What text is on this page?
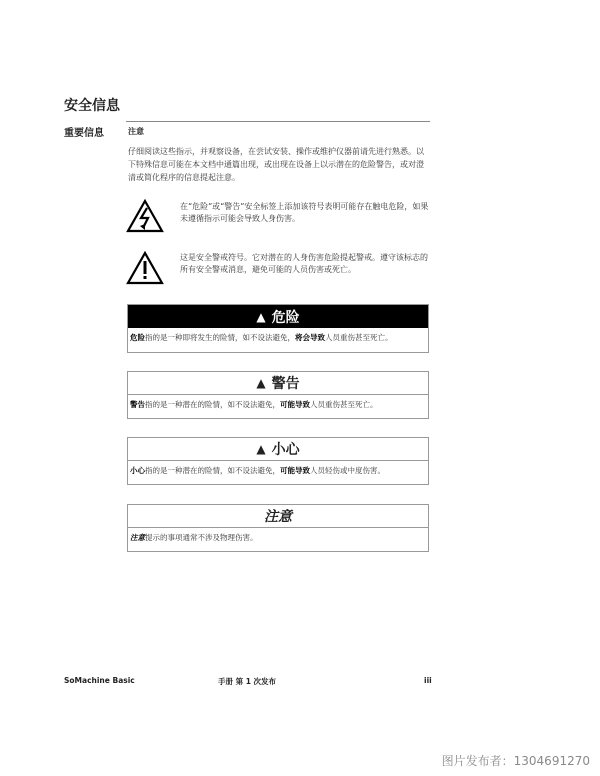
安全信息
重要信息	注意
仔细阅读这些指示，并观察设备，在尝试安装、操作或维护仪器前请先进行熟悉。以下特殊信息可能在本文档中通篇出现，或出现在设备上以示潜在的危险警告，或对澄清或简化程序的信息提起注意。
在“危险”或“警告”安全标签上添加该符号表明可能存在触电危险，如果未遵循指示可能会导致人身伤害。
这是安全警戒符号。它对潜在的人身伤害危险提起警戒。遵守该标志的所有安全警戒消息，避免可能的人员伤害或死亡。
▲ 危险
危险指的是一种即将发生的险情，如不设法避免，将会导致人员重伤甚至死亡。
▲ 警告
警告指的是一种潜在的险情，如不设法避免，可能导致人员重伤甚至死亡。
▲ 小心
小心指的是一种潜在的险情，如不设法避免，可能导致人员轻伤或中度伤害。
注意
注意提示的事项通常不涉及物理伤害。
SoMachine Basic	手册 第 1 次发布	iii
图片发布者：1304691270
